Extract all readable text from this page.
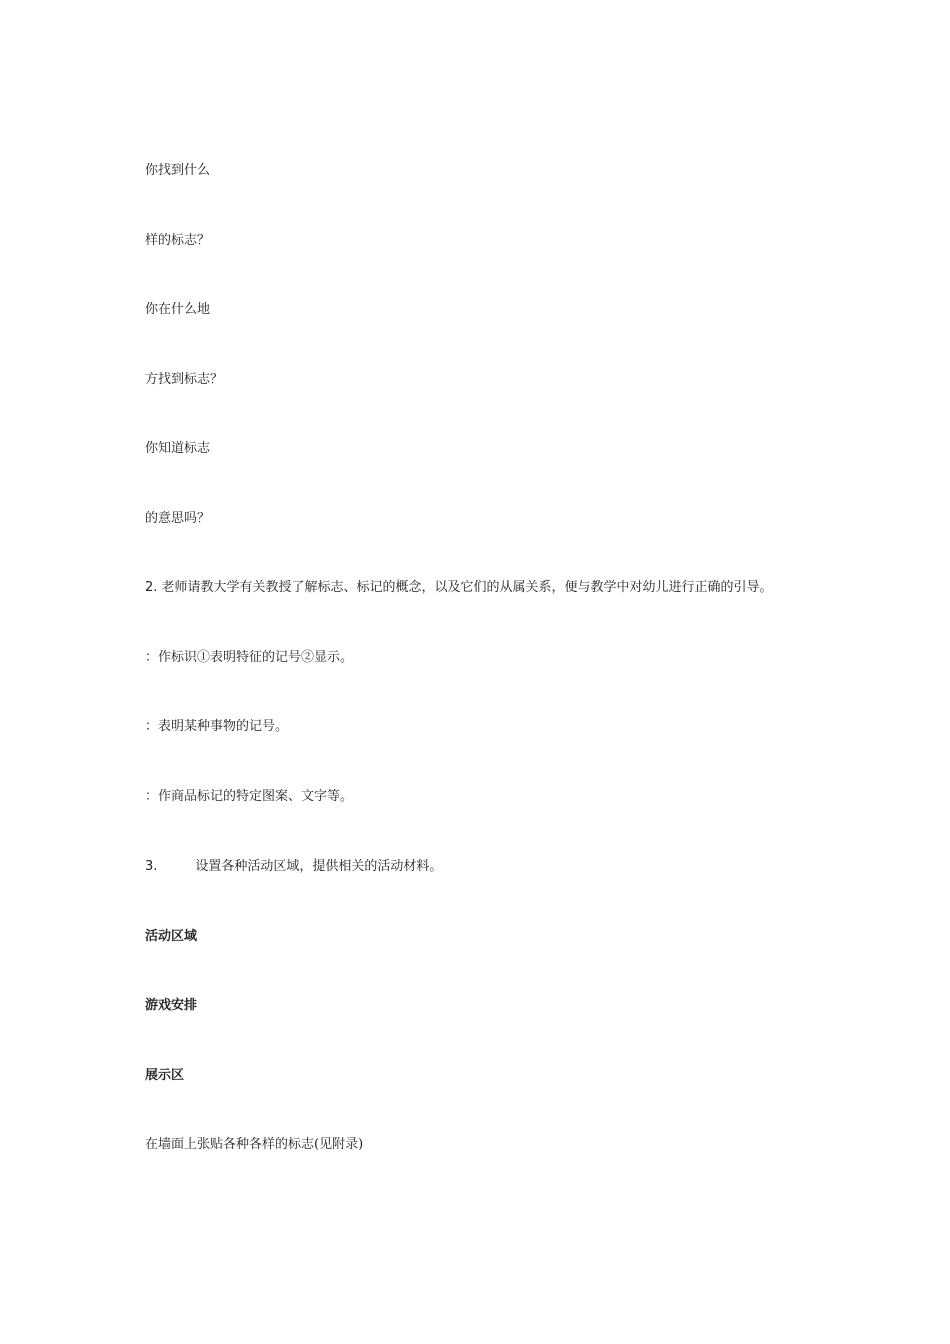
你找到什么
样的标志？
你在什么地
方找到标志？
你知道标志
的意思吗？
2. 老师请教大学有关教授了解标志、标记的概念，以及它们的从属关系，便与教学中对幼儿进行正确的引导。
：作标识①表明特征的记号②显示。
：表明某种事物的记号。
：作商品标记的特定图案、文字等。
3.	设置各种活动区域，提供相关的活动材料。
活动区域
游戏安排
展示区
在墙面上张贴各种各样的标志(见附录)
